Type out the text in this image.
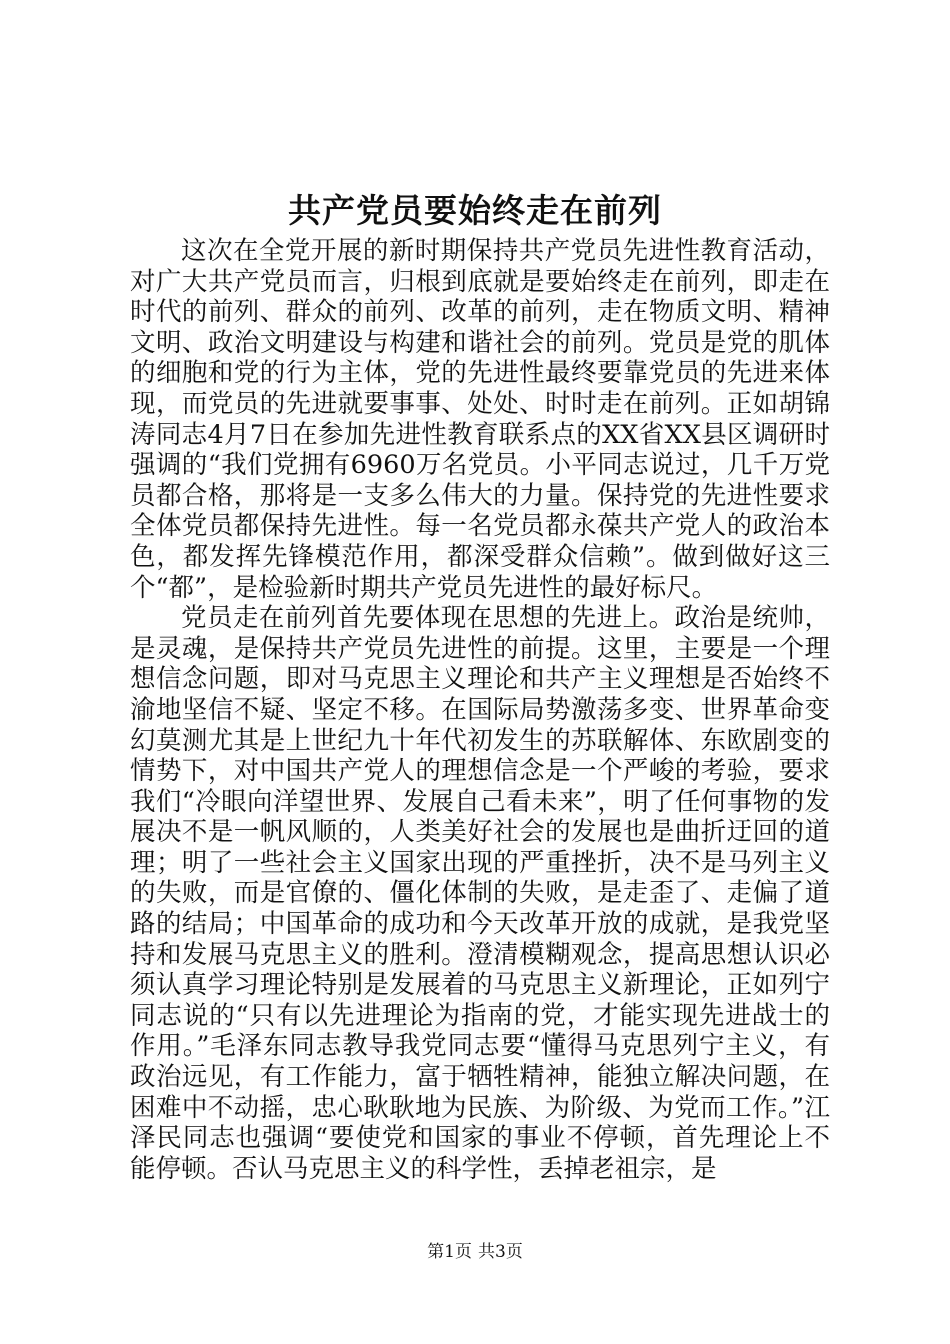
共产党员要始终走在前列

这次在全党开展的新时期保持共产党员先进性教育活动，对广大共产党员而言，归根到底就是要始终走在前列，即走在时代的前列、群众的前列、改革的前列，走在物质文明、精神文明、政治文明建设与构建和谐社会的前列。党员是党的肌体的细胞和党的行为主体，党的先进性最终要靠党员的先进来体现，而党员的先进就要事事、处处、时时走在前列。正如胡锦涛同志4月7日在参加先进性教育联系点的XX省XX县区调研时强调的“我们党拥有6960万名党员。小平同志说过，几千万党员都合格，那将是一支多么伟大的力量。保持党的先进性要求全体党员都保持先进性。每一名党员都永葆共产党人的政治本色，都发挥先锋模范作用，都深受群众信赖”。做到做好这三个“都”，是检验新时期共产党员先进性的最好标尺。

党员走在前列首先要体现在思想的先进上。政治是统帅，是灵魂，是保持共产党员先进性的前提。这里，主要是一个理想信念问题，即对马克思主义理论和共产主义理想是否始终不渝地坚信不疑、坚定不移。在国际局势激荡多变、世界革命变幻莫测尤其是上世纪九十年代初发生的苏联解体、东欧剧变的情势下，对中国共产党人的理想信念是一个严峻的考验，要求我们“冷眼向洋望世界、发展自己看未来”，明了任何事物的发展决不是一帆风顺的，人类美好社会的发展也是曲折迂回的道理；明了一些社会主义国家出现的严重挫折，决不是马列主义的失败，而是官僚的、僵化体制的失败，是走歪了、走偏了道路的结局；中国革命的成功和今天改革开放的成就，是我党坚持和发展马克思主义的胜利。澄清模糊观念，提高思想认识必须认真学习理论特别是发展着的马克思主义新理论，正如列宁同志说的“只有以先进理论为指南的党，才能实现先进战士的作用。”毛泽东同志教导我党同志要“懂得马克思列宁主义，有政治远见，有工作能力，富于牺牲精神，能独立解决问题，在困难中不动摇，忠心耿耿地为民族、为阶级、为党而工作。”江泽民同志也强调“要使党和国家的事业不停顿，首先理论上不能停顿。否认马克思主义的科学性，丢掉老祖宗，是

第1页 共3页
